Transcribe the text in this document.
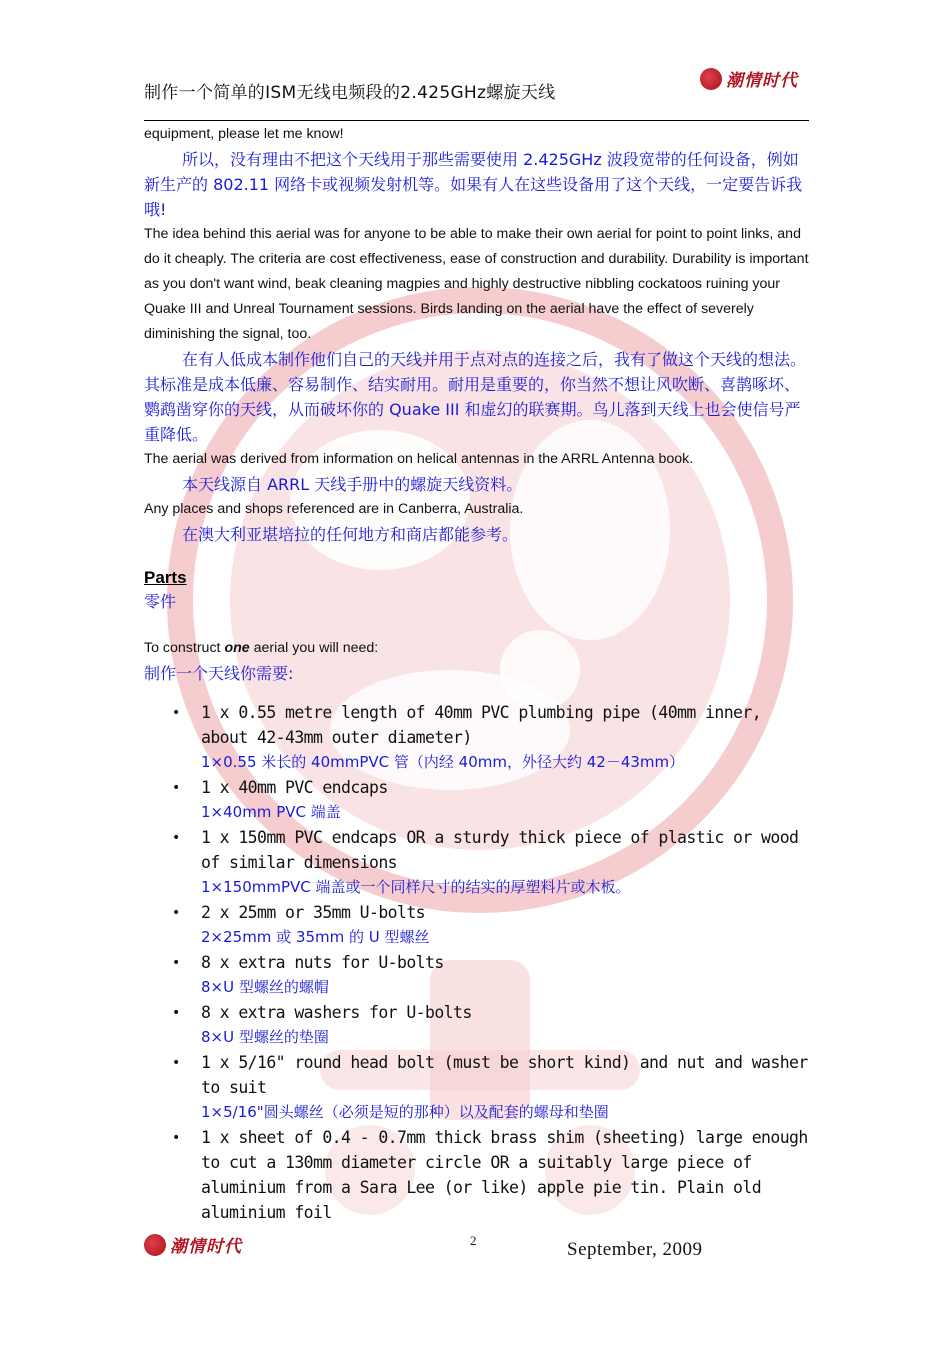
制作一个简单的ISM无线电频段的2.425GHz螺旋天线
潮情时代

equipment, please let me know!

所以，没有理由不把这个天线用于那些需要使用 2.425GHz 波段宽带的任何设备，例如新生产的 802.11 网络卡或视频发射机等。如果有人在这些设备用了这个天线，一定要告诉我哦!

The idea behind this aerial was for anyone to be able to make their own aerial for point to point links, and do it cheaply. The criteria are cost effectiveness, ease of construction and durability. Durability is important as you don't want wind, beak cleaning magpies and highly destructive nibbling cockatoos ruining your Quake III and Unreal Tournament sessions. Birds landing on the aerial have the effect of severely diminishing the signal, too.

在有人低成本制作他们自己的天线并用于点对点的连接之后，我有了做这个天线的想法。其标准是成本低廉、容易制作、结实耐用。耐用是重要的，你当然不想让风吹断、喜鹊啄坏、鹦鹉凿穿你的天线，从而破坏你的 Quake III 和虚幻的联赛期。鸟儿落到天线上也会使信号严重降低。

The aerial was derived from information on helical antennas in the ARRL Antenna book.

本天线源自 ARRL 天线手册中的螺旋天线资料。

Any places and shops referenced are in Canberra, Australia.

在澳大利亚堪培拉的任何地方和商店都能参考。

Parts

零件

To construct one aerial you will need:

制作一个天线你需要:

• 1 x 0.55 metre length of 40mm PVC plumbing pipe (40mm inner, about 42-43mm outer diameter)

1×0.55 米长的 40mmPVC 管（内经 40mm，外径大约 42－43mm）

• 1 x 40mm PVC endcaps

1×40mm PVC 端盖

• 1 x 150mm PVC endcaps OR a sturdy thick piece of plastic or wood of similar dimensions

1×150mmPVC 端盖或一个同样尺寸的结实的厚塑料片或木板。

• 2 x 25mm or 35mm U-bolts

2×25mm 或 35mm 的 U 型螺丝

• 8 x extra nuts for U-bolts

8×U 型螺丝的螺帽

• 8 x extra washers for U-bolts

8×U 型螺丝的垫圈

• 1 x 5/16" round head bolt (must be short kind) and nut and washer to suit

1×5/16"圆头螺丝（必须是短的那种）以及配套的螺母和垫圈

• 1 x sheet of 0.4 - 0.7mm thick brass shim (sheeting) large enough to cut a 130mm diameter circle OR a suitably large piece of aluminium from a Sara Lee (or like) apple pie tin. Plain old aluminium foil

潮情时代	2	September, 2009
